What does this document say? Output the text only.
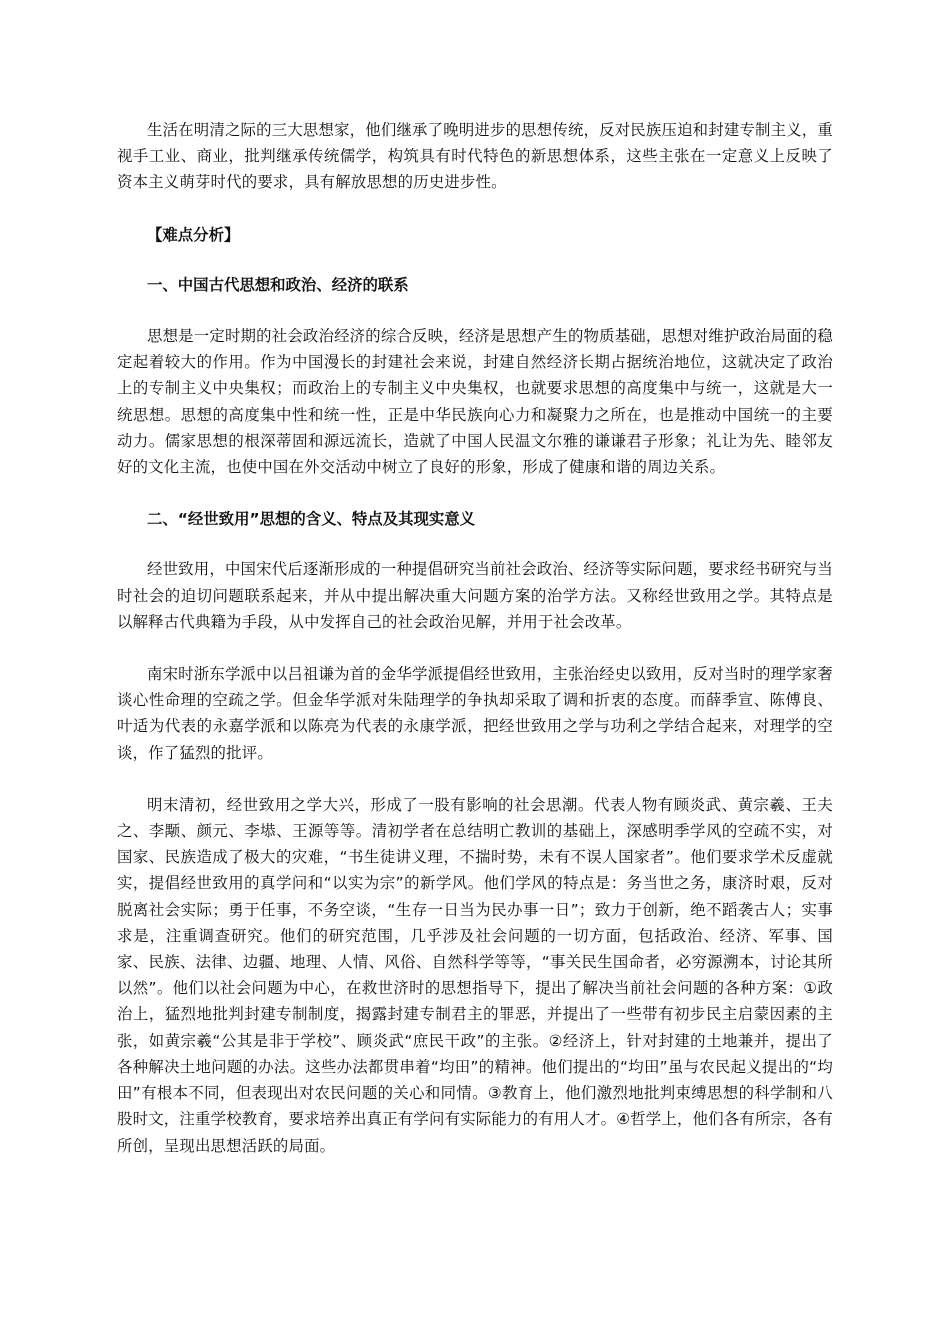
生活在明清之际的三大思想家，他们继承了晚明进步的思想传统，反对民族压迫和封建专制主义，重视手工业、商业，批判继承传统儒学，构筑具有时代特色的新思想体系，这些主张在一定意义上反映了资本主义萌芽时代的要求，具有解放思想的历史进步性。

【难点分析】

一、中国古代思想和政治、经济的联系

思想是一定时期的社会政治经济的综合反映，经济是思想产生的物质基础，思想对维护政治局面的稳定起着较大的作用。作为中国漫长的封建社会来说，封建自然经济长期占据统治地位，这就决定了政治上的专制主义中央集权；而政治上的专制主义中央集权，也就要求思想的高度集中与统一，这就是大一统思想。思想的高度集中性和统一性，正是中华民族向心力和凝聚力之所在，也是推动中国统一的主要动力。儒家思想的根深蒂固和源远流长，造就了中国人民温文尔雅的谦谦君子形象；礼让为先、睦邻友好的文化主流，也使中国在外交活动中树立了良好的形象，形成了健康和谐的周边关系。

二、“经世致用”思想的含义、特点及其现实意义

经世致用，中国宋代后逐渐形成的一种提倡研究当前社会政治、经济等实际问题，要求经书研究与当时社会的迫切问题联系起来，并从中提出解决重大问题方案的治学方法。又称经世致用之学。其特点是以解释古代典籍为手段，从中发挥自己的社会政治见解，并用于社会改革。

南宋时浙东学派中以吕祖谦为首的金华学派提倡经世致用，主张治经史以致用，反对当时的理学家奢谈心性命理的空疏之学。但金华学派对朱陆理学的争执却采取了调和折衷的态度。而薛季宣、陈傅良、叶适为代表的永嘉学派和以陈亮为代表的永康学派，把经世致用之学与功利之学结合起来，对理学的空谈，作了猛烈的批评。

明末清初，经世致用之学大兴，形成了一股有影响的社会思潮。代表人物有顾炎武、黄宗羲、王夫之、李颙、颜元、李塨、王源等等。清初学者在总结明亡教训的基础上，深感明季学风的空疏不实，对国家、民族造成了极大的灾难，“书生徒讲义理，不揣时势，未有不误人国家者”。他们要求学术反虚就实，提倡经世致用的真学问和“以实为宗”的新学风。他们学风的特点是：务当世之务，康济时艰，反对脱离社会实际；勇于任事，不务空谈，“生存一日当为民办事一日”；致力于创新，绝不蹈袭古人；实事求是，注重调查研究。他们的研究范围，几乎涉及社会问题的一切方面，包括政治、经济、军事、国家、民族、法律、边疆、地理、人情、风俗、自然科学等等，“事关民生国命者，必穷源溯本，讨论其所以然”。他们以社会问题为中心，在救世济时的思想指导下，提出了解决当前社会问题的各种方案：①政治上，猛烈地批判封建专制制度，揭露封建专制君主的罪恶，并提出了一些带有初步民主启蒙因素的主张，如黄宗羲“公其是非于学校”、顾炎武“庶民干政”的主张。②经济上，针对封建的土地兼并，提出了各种解决土地问题的办法。这些办法都贯串着“均田”的精神。他们提出的“均田”虽与农民起义提出的“均田”有根本不同，但表现出对农民问题的关心和同情。③教育上，他们激烈地批判束缚思想的科学制和八股时文，注重学校教育，要求培养出真正有学问有实际能力的有用人才。④哲学上，他们各有所宗，各有所创，呈现出思想活跃的局面。
